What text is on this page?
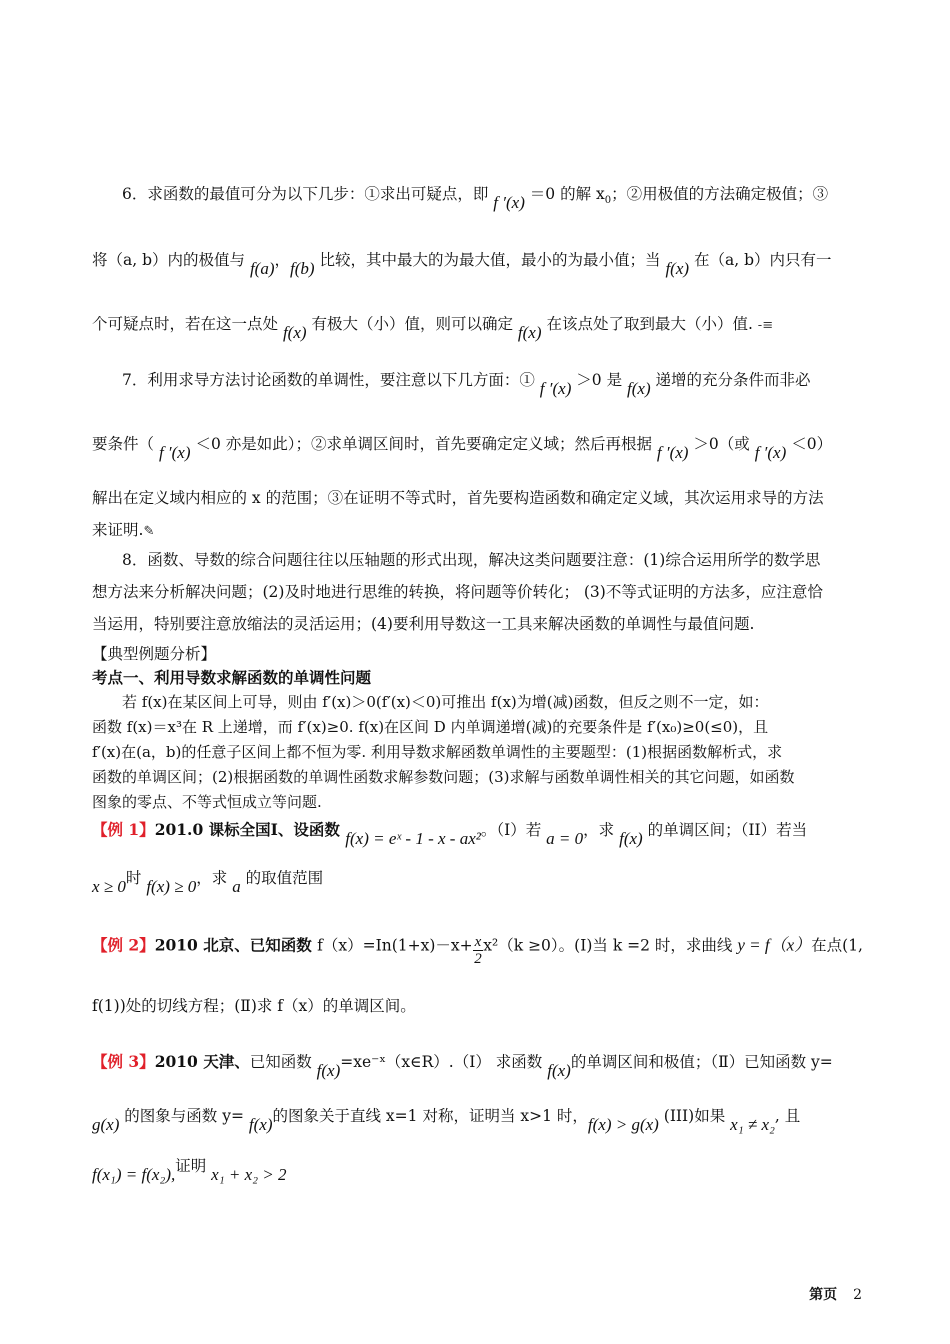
6．求函数的最值可分为以下几步：①求出可疑点，即 f ′(x) ＝0 的解 $x_0$；②用极值的方法确定极值；③
将（a, b）内的极值与 f(a)，f(b) 比较，其中最大的为最大值，最小的为最小值；当 f(x) 在（a, b）内只有一
个可疑点时，若在这一点处 f(x) 有极大（小）值，则可以确定 f(x) 在该点处了取到最大（小）值. -≡
7．利用求导方法讨论函数的单调性，要注意以下几方面：① f ′(x) ＞0 是 f(x) 递增的充分条件而非必
要条件（ f ′(x) ＜0 亦是如此）；②求单调区间时，首先要确定定义域；然后再根据 f ′(x) ＞0（或 f ′(x) ＜0）
解出在定义域内相应的 x 的范围；③在证明不等式时，首先要构造函数和确定定义域，其次运用求导的方法
来证明.✎
8．函数、导数的综合问题往往以压轴题的形式出现，解决这类问题要注意：(1)综合运用所学的数学思
想方法来分析解决问题；(2)及时地进行思维的转换，将问题等价转化； (3)不等式证明的方法多，应注意恰
当运用，特别要注意放缩法的灵活运用；(4)要利用导数这一工具来解决函数的单调性与最值问题.
【典型例题分析】
考点一、利用导数求解函数的单调性问题
若 f(x)在某区间上可导，则由 f′(x)＞0(f′(x)＜0)可推出 f(x)为增(减)函数，但反之则不一定，如：
函数 f(x)＝x³在 R 上递增，而 f′(x)≥0. f(x)在区间 D 内单调递增(减)的充要条件是 f′(x₀)≥0(≤0)，且
f′(x)在(a，b)的任意子区间上都不恒为零. 利用导数求解函数单调性的主要题型：(1)根据函数解析式，求
函数的单调区间；(2)根据函数的单调性函数求解参数问题；(3)求解与函数单调性相关的其它问题，如函数
图象的零点、不等式恒成立等问题.
【例 1】201.0 课标全国Ⅰ、设函数 f(x) = eˣ - 1 - x - ax²。（Ⅰ）若 a = 0，求 f(x) 的单调区间；（II）若当
x ≥ 0时 f(x) ≥ 0，求 a 的取值范围
【例 2】2010 北京、已知函数 $f(x)=In(1+x)-x+ \frac{x}{2} x^2(k \ge 0)$。(Ⅰ)当 k =2 时，求曲线 y = f（x）在点(1,
f(1))处的切线方程；(Ⅱ)求 f（x）的单调区间。
【例 3】2010 天津、已知函数 f(x)=xe⁻ˣ（x∈R）.（Ⅰ） 求函数 f(x)的单调区间和极值；（Ⅱ）已知函数 y=
g(x) 的图象与函数 y= f(x)的图象关于直线 x=1 对称，证明当 x>1 时，f(x) > g(x) (III)如果 x₁ ≠ x₂, 且
f(x₁) = f(x₂),证明 x₁ + x₂ > 2
第页 2
